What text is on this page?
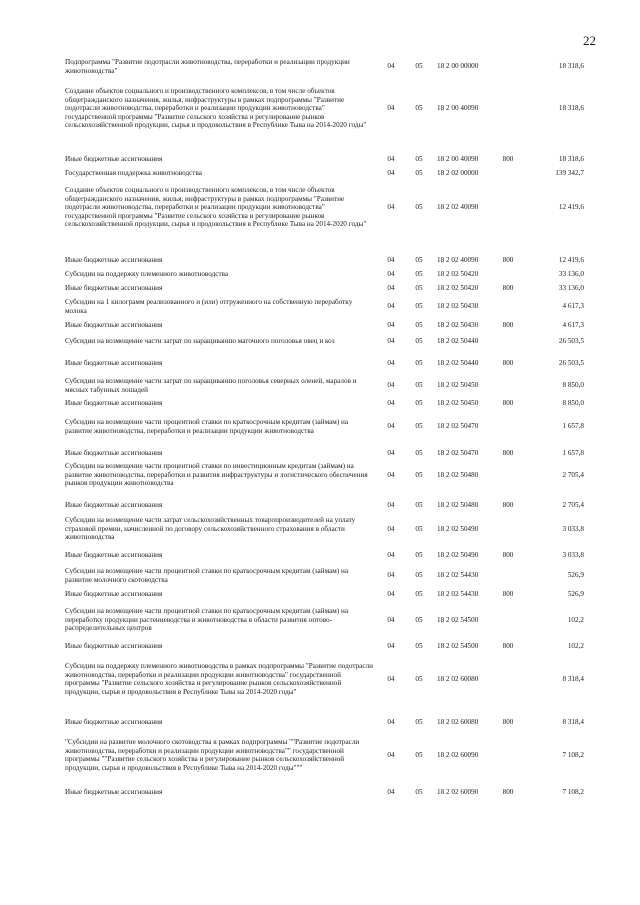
22
Подпрограмма "Развитие подотрасли животноводства, переработки и реализации продукции животноводства"
04	05	18 2 00 00000	18 318,6
Создание объектов социального и производственного комплексов, в том числе объектов общегражданского назначения, жилья, инфраструктуры в рамках подпрограммы "Развитие подотрасли животноводства, переработки и реализации продукции животноводства" государственной программы "Развитие сельского хозяйства и регулирование рынков сельскохозяйственной продукции, сырья и продовольствия в Республике Тыва на 2014-2020 годы"
04	05	18 2 00 40090	18 318,6
Иные бюджетные ассигнования	04	05	18 2 00 40090	800	18 318,6
Государственная поддержка животноводства	04	05	18 2 02 00000	139 342,7
Создание объектов социального и производственного комплексов, в том числе объектов общегражданского назначения, жилья, инфраструктуры в рамках подпрограммы "Развитие подотрасли животноводства, переработки и реализации продукции животноводства" государственной программы "Развитие сельского хозяйства и регулирование рынков сельскохозяйственной продукции, сырья и продовольствия в Республике Тыва на 2014-2020 годы"
04	05	18 2 02 40090	12 419,6
Иные бюджетные ассигнования	04	05	18 2 02 40090	800	12 419,6
Субсидии на поддержку племенного животноводства	04	05	18 2 02 50420	33 136,0
Иные бюджетные ассигнования	04	05	18 2 02 50420	800	33 136,0
Субсидии на 1 килограмм реализованного и (или) отгруженного на собственную переработку молока
04	05	18 2 02 50430	4 617,3
Иные бюджетные ассигнования	04	05	18 2 02 50430	800	4 617,3
Субсидии на возмещение части затрат по наращиванию маточного поголовья овец и коз	04	05	18 2 02 50440	26 503,5
Иные бюджетные ассигнования	04	05	18 2 02 50440	800	26 503,5
Субсидии на возмещение части затрат по наращиванию поголовья северных оленей, маралов и мясных табунных лошадей
04	05	18 2 02 50450	8 850,0
Иные бюджетные ассигнования	04	05	18 2 02 50450	800	8 850,0
Субсидии на возмещение части процентной ставки по краткосрочным кредитам (займам) на развитие животноводства, переработки и реализации продукции животноводства
04	05	18 2 02 50470	1 657,8
Иные бюджетные ассигнования	04	05	18 2 02 50470	800	1 657,8
Субсидии на возмещение части процентной ставки по инвестиционным кредитам (займам) на развитие животноводства, переработки и развития инфраструктуры и логистического обеспечения рынков продукции животноводства
04	05	18 2 02 50480	2 705,4
Иные бюджетные ассигнования	04	05	18 2 02 50480	800	2 705,4
Субсидии на возмещение части затрат сельскохозяйственных товаропроизводителей на уплату страховой премии, начисленной по договору сельскохозяйственного страхования в области животноводства
04	05	18 2 02 50490	3 033,8
Иные бюджетные ассигнования	04	05	18 2 02 50490	800	3 033,8
Субсидии на возмещение части процентной ставки по краткосрочным кредитам (займам) на развитие молочного скотоводства
04	05	18 2 02 54430	526,9
Иные бюджетные ассигнования	04	05	18 2 02 54430	800	526,9
Субсидии на возмещение части процентной ставки по краткосрочным кредитам (займам) на переработку продукции растениеводства и животноводства в области развития оптово-распределительных центров
04	05	18 2 02 54500	102,2
Иные бюджетные ассигнования	04	05	18 2 02 54500	800	102,2
Субсидии на поддержку племенного животноводства в рамках подпрограммы "Развитие подотрасли животноводства, переработки и реализации продукции животноводства" государственной программы "Развитие сельского хозяйства и регулирование рынков сельскохозяйственной продукции, сырья и продовольствия в Республике Тыва на 2014-2020 годы"
04	05	18 2 02 60080	8 318,4
Иные бюджетные ассигнования	04	05	18 2 02 60080	800	8 318,4
"Субсидии на развитие молочного скотоводства в рамках подпрограммы ""Развитие подотрасли животноводства, переработки и реализации продукции животноводства"" государственной программы ""Развитие сельского хозяйства и регулирование рынков сельскохозяйственной продукции, сырья и продовольствия в Республике Тыва на 2014-2020 годы"""
04	05	18 2 02 60090	7 108,2
Иные бюджетные ассигнования	04	05	18 2 02 60090	800	7 108,2
